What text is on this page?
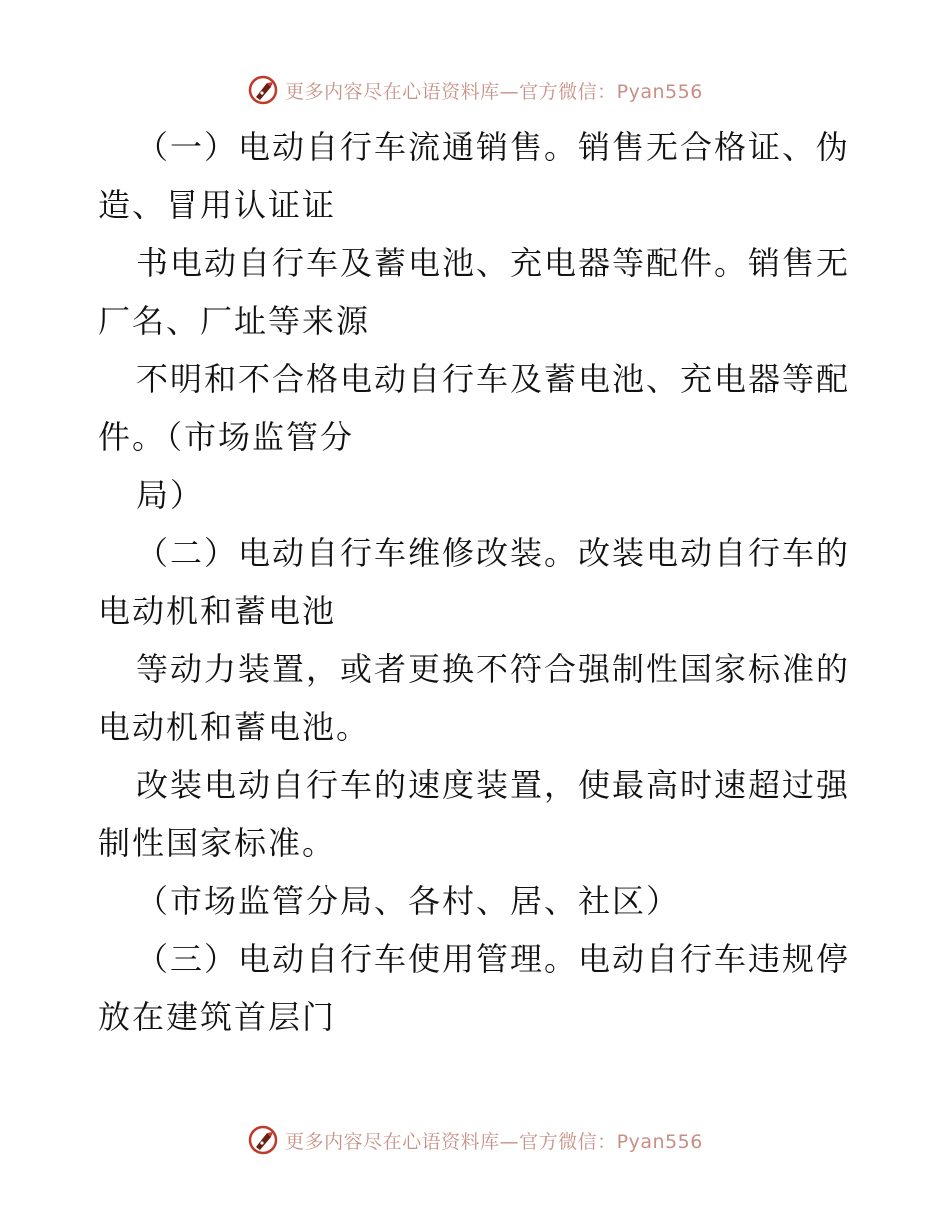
更多内容尽在心语资料库—官方微信：Pyan556
（一）电动自行车流通销售。销售无合格证、伪
造、冒用认证证
书电动自行车及蓄电池、充电器等配件。销售无
厂名、厂址等来源
不明和不合格电动自行车及蓄电池、充电器等配
件。（市场监管分
局）
（二）电动自行车维修改装。改装电动自行车的
电动机和蓄电池
等动力装置，或者更换不符合强制性国家标准的
电动机和蓄电池。
改装电动自行车的速度装置，使最高时速超过强
制性国家标准。
（市场监管分局、各村、居、社区）
（三）电动自行车使用管理。电动自行车违规停
放在建筑首层门
更多内容尽在心语资料库—官方微信：Pyan556
